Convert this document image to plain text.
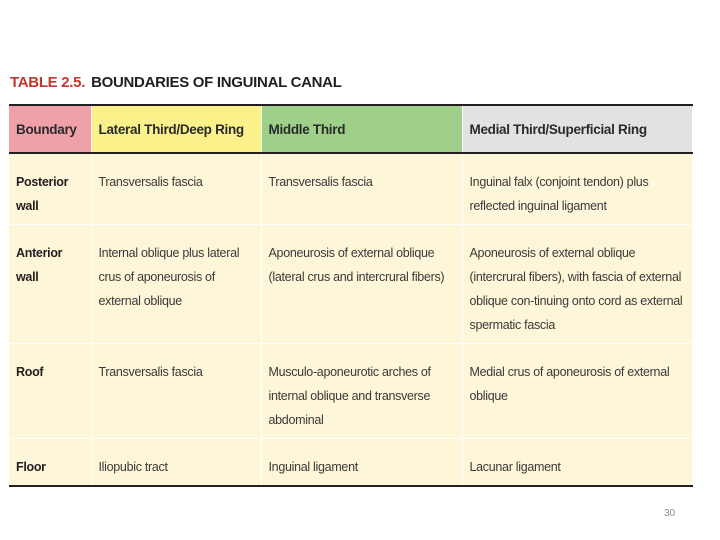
TABLE 2.5. BOUNDARIES OF INGUINAL CANAL
Boundary	Lateral Third/Deep Ring	Middle Third	Medial Third/Superficial Ring
Posterior wall	Transversalis fascia	Transversalis fascia	Inguinal falx (conjoint tendon) plus reflected inguinal ligament
Anterior wall	Internal oblique plus lateral crus of aponeurosis of external oblique	Aponeurosis of external oblique (lateral crus and intercrural fibers)	Aponeurosis of external oblique (intercrural fibers), with fascia of external oblique con-tinuing onto cord as external spermatic fascia
Roof	Transversalis fascia	Musculo-aponeurotic arches of internal oblique and transverse abdominal	Medial crus of aponeurosis of external oblique
Floor	Iliopubic tract	Inguinal ligament	Lacunar ligament
30
